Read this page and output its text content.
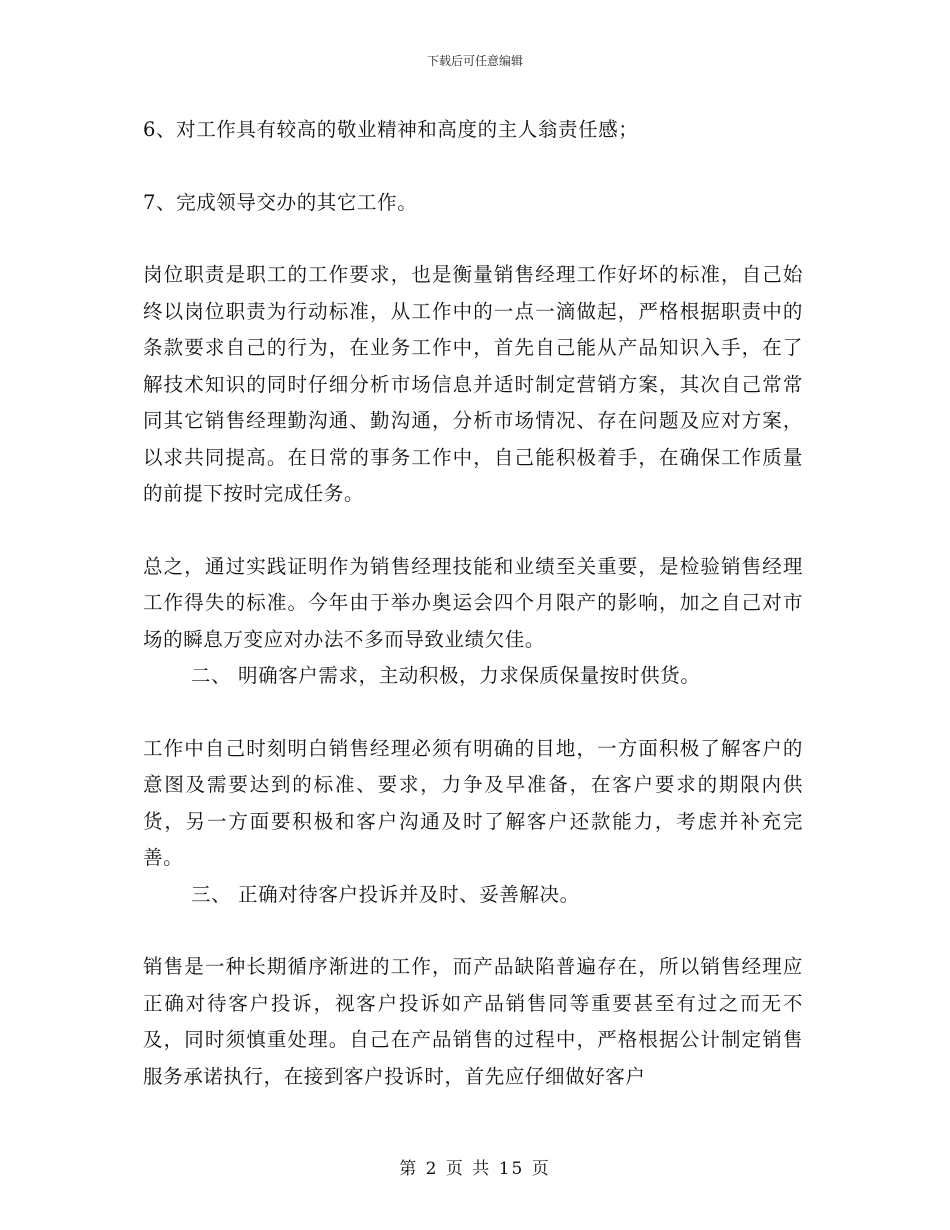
下载后可任意编辑

6、对工作具有较高的敬业精神和高度的主人翁责任感；

7、完成领导交办的其它工作。

岗位职责是职工的工作要求，也是衡量销售经理工作好坏的标准，自己始终以岗位职责为行动标准，从工作中的一点一滴做起，严格根据职责中的条款要求自己的行为，在业务工作中，首先自己能从产品知识入手，在了解技术知识的同时仔细分析市场信息并适时制定营销方案，其次自己常常同其它销售经理勤沟通、勤沟通，分析市场情况、存在问题及应对方案，以求共同提高。在日常的事务工作中，自己能积极着手，在确保工作质量的前提下按时完成任务。

总之，通过实践证明作为销售经理技能和业绩至关重要，是检验销售经理工作得失的标准。今年由于举办奥运会四个月限产的影响，加之自己对市场的瞬息万变应对办法不多而导致业绩欠佳。

二、 明确客户需求，主动积极，力求保质保量按时供货。

工作中自己时刻明白销售经理必须有明确的目地，一方面积极了解客户的意图及需要达到的标准、要求，力争及早准备，在客户要求的期限内供货，另一方面要积极和客户沟通及时了解客户还款能力，考虑并补充完善。

三、 正确对待客户投诉并及时、妥善解决。

销售是一种长期循序渐进的工作，而产品缺陷普遍存在，所以销售经理应正确对待客户投诉，视客户投诉如产品销售同等重要甚至有过之而无不及，同时须慎重处理。自己在产品销售的过程中，严格根据公计制定销售服务承诺执行，在接到客户投诉时，首先应仔细做好客户

第 2 页 共 15 页
